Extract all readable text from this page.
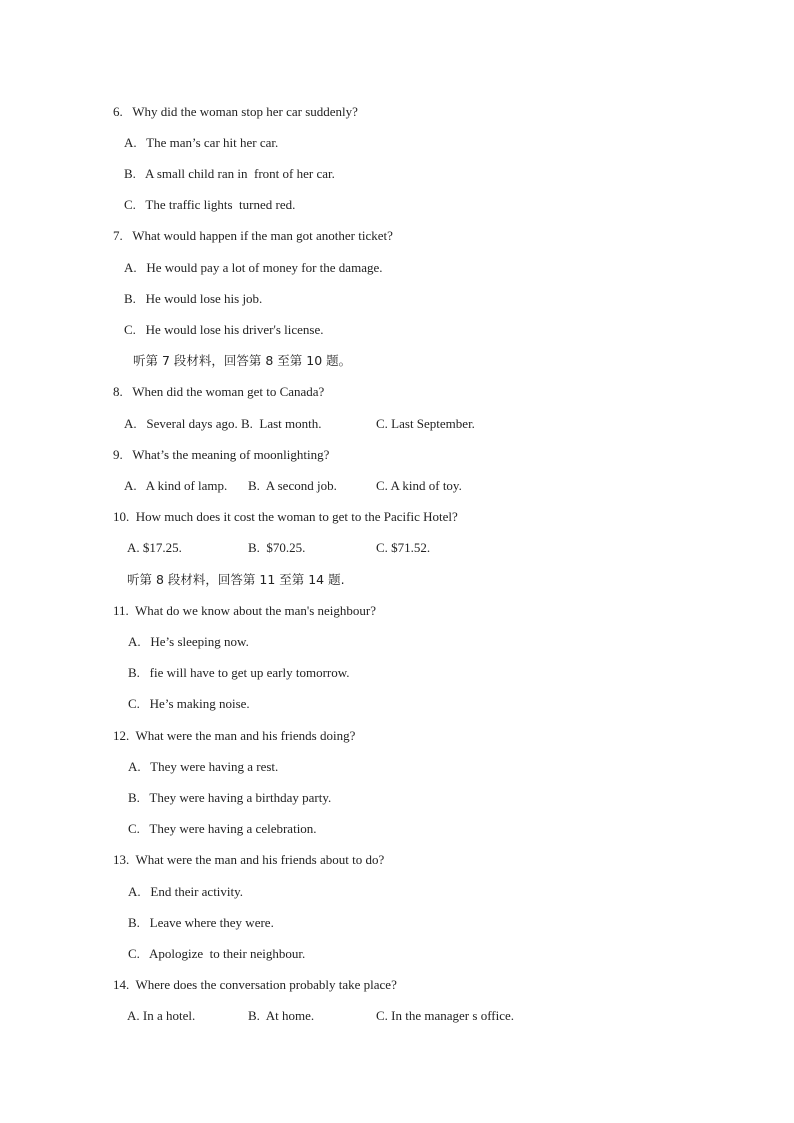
6.   Why did the woman stop her car suddenly?
A.   The man’s car hit her car.
B.   A small child ran in  front of her car.
C.   The traffic lights  turned red.
7.   What would happen if the man got another ticket?
A.   He would pay a lot of money for the damage.
B.   He would lose his job.
C.   He would lose his driver's license.
听第 7 段材料，回答第 8 至第 10 题。
8.   When did the woman get to Canada?
A.   Several days ago. B.  Last month.	C. Last September.
9.   What’s the meaning of moonlighting?
A.   A kind of lamp. B.  A second job.	C. A kind of toy.
10.  How much does it cost the woman to get to the Pacific Hotel?
A. $17.25.	B.  $70.25.	C. $71.52.
听第 8 段材料，回答第 11 至第 14 题.
11.  What do we know about the man's neighbour?
A.   He’s sleeping now.
B.   fie will have to get up early tomorrow.
C.   He’s making noise.
12.  What were the man and his friends doing?
A.   They were having a rest.
B.   They were having a birthday party.
C.   They were having a celebration.
13.  What were the man and his friends about to do?
A.   End their activity.
B.   Leave where they were.
C.   Apologize  to their neighbour.
14.  Where does the conversation probably take place?
A. In a hotel.	B.  At home.	C. In the manager s office.
